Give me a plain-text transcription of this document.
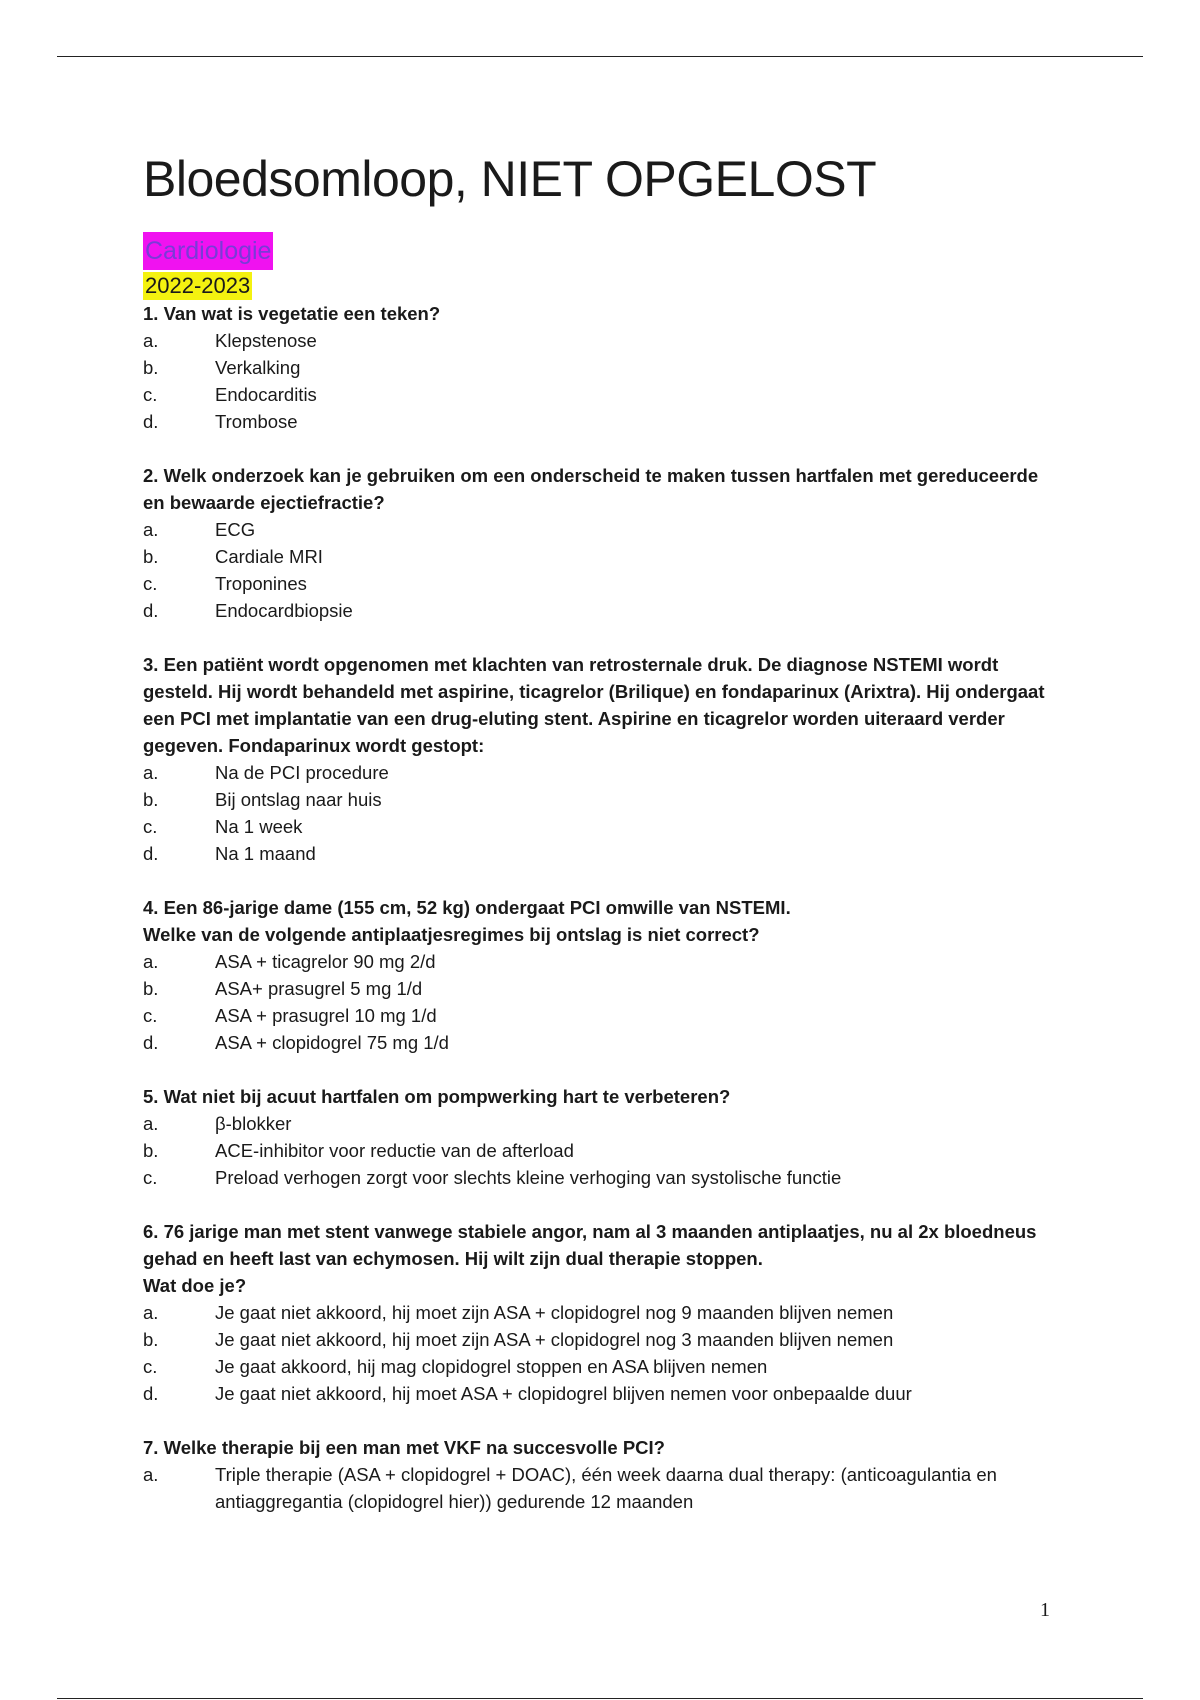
Bloedsomloop, NIET OPGELOST
Cardiologie
2022-2023
1. Van wat is vegetatie een teken?
a.	Klepstenose
b.	Verkalking
c.	Endocarditis
d.	Trombose
2. Welk onderzoek kan je gebruiken om een onderscheid te maken tussen hartfalen met gereduceerde en bewaarde ejectiefractie?
a.	ECG
b.	Cardiale MRI
c.	Troponines
d.	Endocardbiopsie
3. Een patiënt wordt opgenomen met klachten van retrosternale druk. De diagnose NSTEMI wordt gesteld. Hij wordt behandeld met aspirine, ticagrelor (Brilique) en fondaparinux (Arixtra). Hij ondergaat een PCI met implantatie van een drug-eluting stent. Aspirine en ticagrelor worden uiteraard verder gegeven. Fondaparinux wordt gestopt:
a.	Na de PCI procedure
b.	Bij ontslag naar huis
c.	Na 1 week
d.	Na 1 maand
4. Een 86-jarige dame (155 cm, 52 kg) ondergaat PCI omwille van NSTEMI.
Welke van de volgende antiplaatjesregimes bij ontslag is niet correct?
a.	ASA + ticagrelor 90 mg 2/d
b.	ASA+ prasugrel 5 mg 1/d
c.	ASA + prasugrel 10 mg 1/d
d.	ASA + clopidogrel 75 mg 1/d
5. Wat niet bij acuut hartfalen om pompwerking hart te verbeteren?
a.	β-blokker
b.	ACE-inhibitor voor reductie van de afterload
c.	Preload verhogen zorgt voor slechts kleine verhoging van systolische functie
6. 76 jarige man met stent vanwege stabiele angor, nam al 3 maanden antiplaatjes, nu al 2x bloedneus gehad en heeft last van echymosen. Hij wilt zijn dual therapie stoppen.
Wat doe je?
a.	Je gaat niet akkoord, hij moet zijn ASA + clopidogrel nog 9 maanden blijven nemen
b.	Je gaat niet akkoord, hij moet zijn ASA + clopidogrel nog 3 maanden blijven nemen
c.	Je gaat akkoord, hij mag clopidogrel stoppen en ASA blijven nemen
d.	Je gaat niet akkoord, hij moet ASA + clopidogrel blijven nemen voor onbepaalde duur
7. Welke therapie bij een man met VKF na succesvolle PCI?
a.	Triple therapie (ASA + clopidogrel + DOAC), één week daarna dual therapy: (anticoagulantia en antiaggregantia (clopidogrel hier)) gedurende 12 maanden
1
